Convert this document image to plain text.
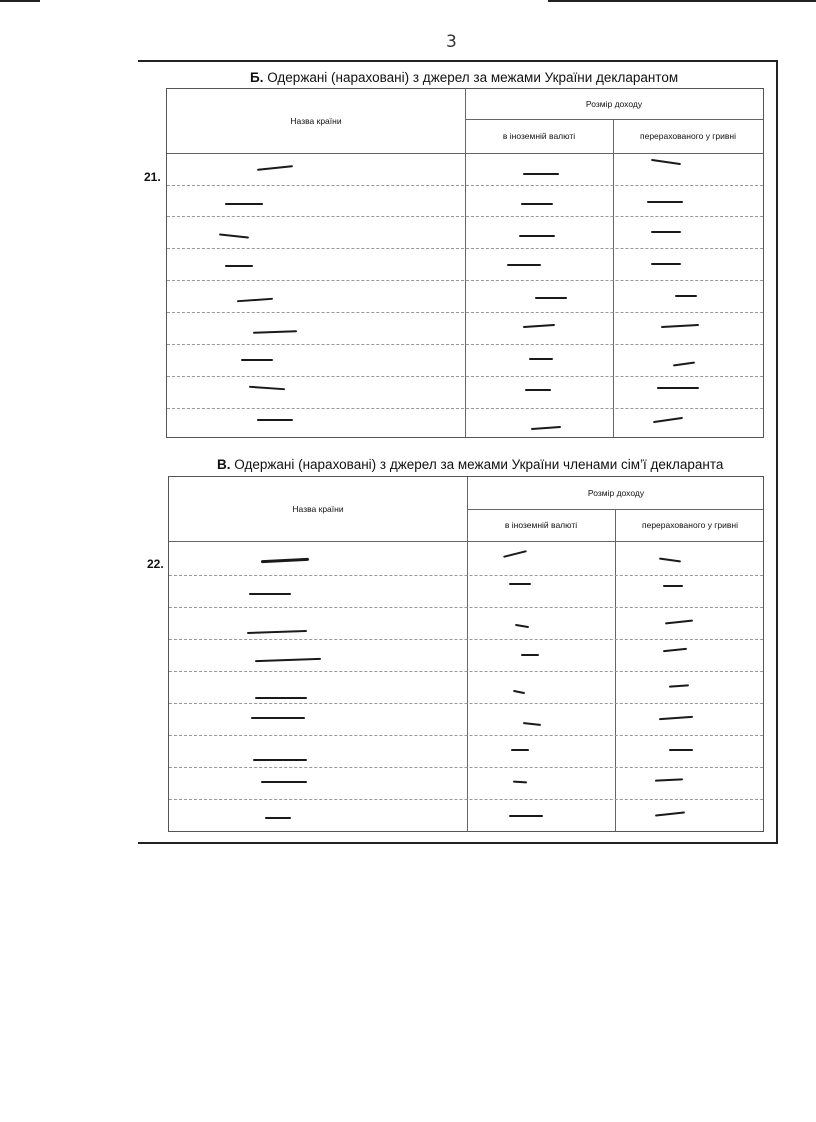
3
Б. Одержані (нараховані) з джерел за межами України декларантом
21.
Назва країни
Розмір доходу
в іноземній валюті	перерахованого у гривні
В. Одержані (нараховані) з джерел за межами України членами сім’ї декларанта
22.
Назва країни
Розмір доходу
в іноземній валюті	перерахованого у гривні
